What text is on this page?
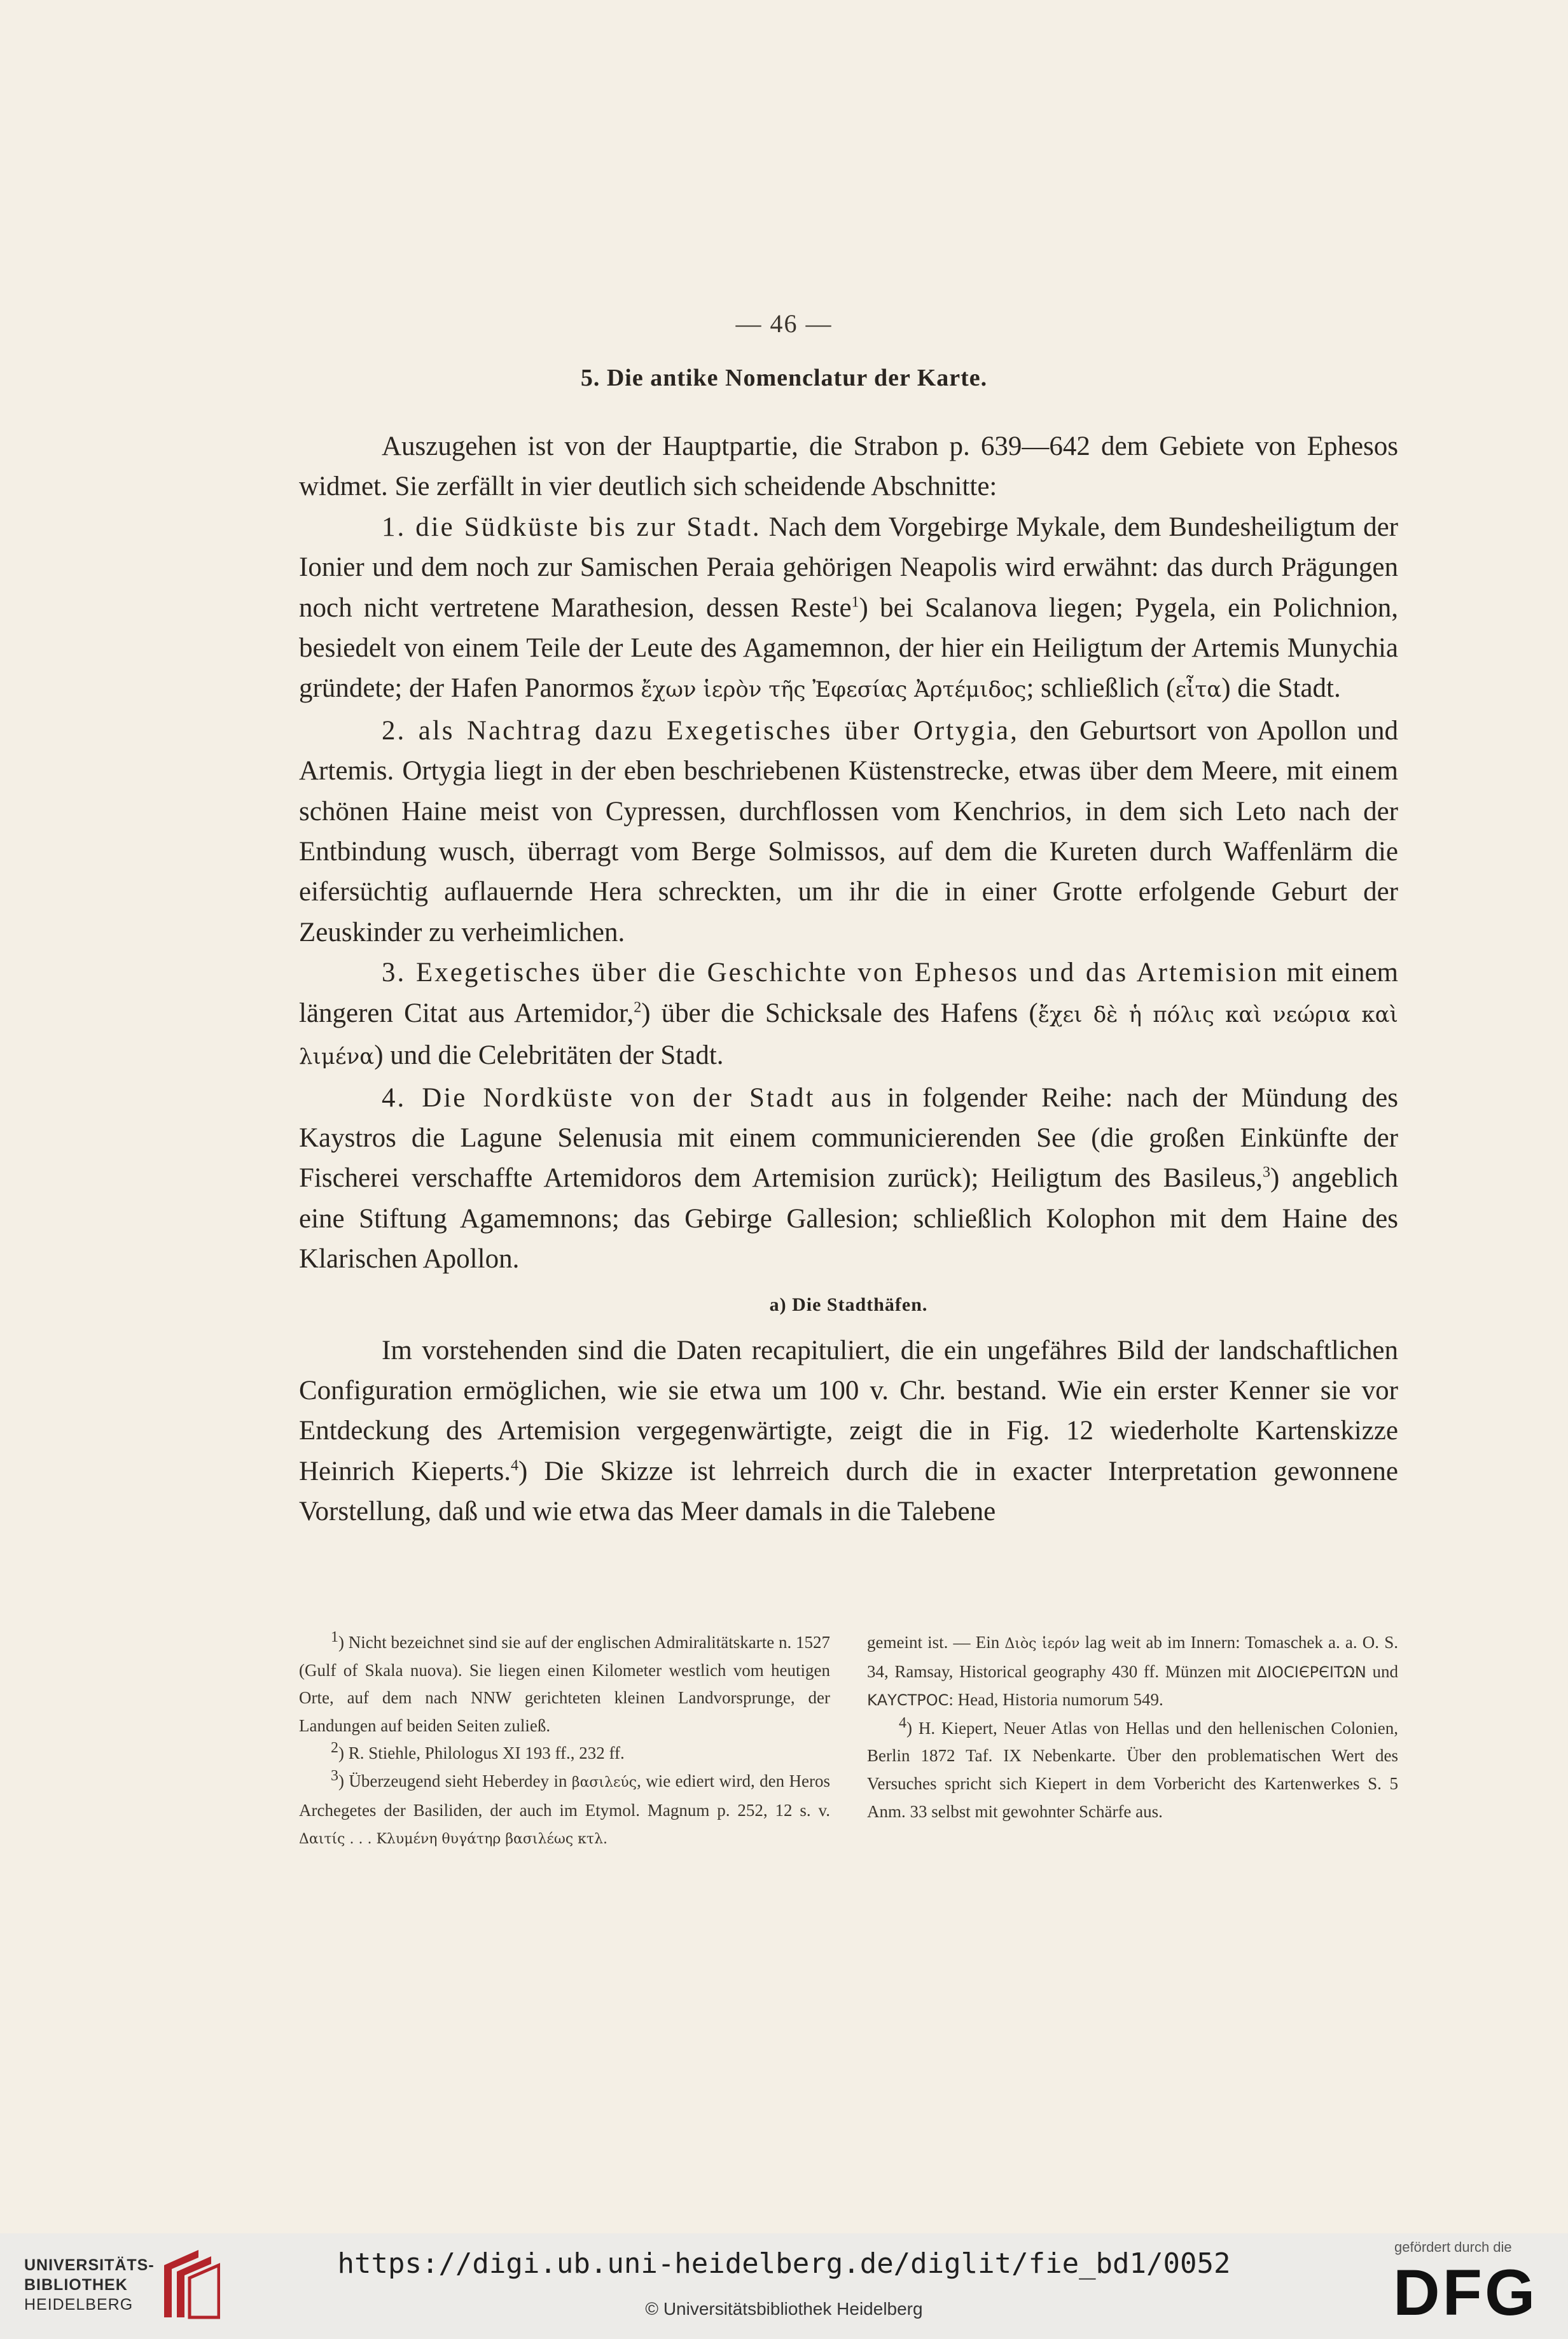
— 46 —
5. Die antike Nomenclatur der Karte.

Auszugehen ist von der Hauptpartie, die Strabon p. 639—642 dem Gebiete von Ephesos widmet. Sie zerfällt in vier deutlich sich scheidende Abschnitte:

1. die Südküste bis zur Stadt. Nach dem Vorgebirge Mykale, dem Bundesheiligtum der Ionier und dem noch zur Samischen Peraia gehörigen Neapolis wird erwähnt: das durch Prägungen noch nicht vertretene Marathesion, dessen Reste$^1$) bei Scalanova liegen; Pygela, ein Polichnion, besiedelt von einem Teile der Leute des Agamemnon, der hier ein Heiligtum der Artemis Munychia gründete; der Hafen Panormos ἔχων ἱερὸν τῆς Ἐφεσίας Ἀρτέμιδος; schließlich (εἶτα) die Stadt.

2. als Nachtrag dazu Exegetisches über Ortygia, den Geburtsort von Apollon und Artemis. Ortygia liegt in der eben beschriebenen Küstenstrecke, etwas über dem Meere, mit einem schönen Haine meist von Cypressen, durchflossen vom Kenchrios, in dem sich Leto nach der Entbindung wusch, überragt vom Berge Solmissos, auf dem die Kureten durch Waffenlärm die eifersüchtig auflauernde Hera schreckten, um ihr die in einer Grotte erfolgende Geburt der Zeuskinder zu verheimlichen.

3. Exegetisches über die Geschichte von Ephesos und das Artemision mit einem längeren Citat aus Artemidor,$^2$) über die Schicksale des Hafens (ἔχει δὲ ἡ πόλις καὶ νεώρια καὶ λιμένα) und die Celebritäten der Stadt.

4. Die Nordküste von der Stadt aus in folgender Reihe: nach der Mündung des Kaystros die Lagune Selenusia mit einem communicierenden See (die großen Einkünfte der Fischerei verschaffte Artemidoros dem Artemision zurück); Heiligtum des Basileus,$^3$) angeblich eine Stiftung Agamemnons; das Gebirge Gallesion; schließlich Kolophon mit dem Haine des Klarischen Apollon.

a) Die Stadthäfen.

Im vorstehenden sind die Daten recapituliert, die ein ungefähres Bild der landschaftlichen Configuration ermöglichen, wie sie etwa um 100 v. Chr. bestand. Wie ein erster Kenner sie vor Entdeckung des Artemision vergegenwärtigte, zeigt die in Fig. 12 wiederholte Kartenskizze Heinrich Kieperts.$^4$) Die Skizze ist lehrreich durch die in exacter Interpretation gewonnene Vorstellung, daß und wie etwa das Meer damals in die Talebene

$^1$) Nicht bezeichnet sind sie auf der englischen Admiralitätskarte n. 1527 (Gulf of Skala nuova). Sie liegen einen Kilometer westlich vom heutigen Orte, auf dem nach NNW gerichteten kleinen Landvorsprunge, der Landungen auf beiden Seiten zuließ.

$^2$) R. Stiehle, Philologus XI 193 ff., 232 ff.

$^3$) Überzeugend sieht Heberdey in βασιλεύς, wie ediert wird, den Heros Archegetes der Basiliden, der auch im Etymol. Magnum p. 252, 12 s. v. Δαιτίς . . . Κλυμένη θυγάτηρ βασιλέως κτλ.

gemeint ist. — Ein Διὸς ἱερόν lag weit ab im Innern: Tomaschek a. a. O. S. 34, Ramsay, Historical geography 430 ff. Münzen mit ΔΙΟCΙЄΡЄΙΤΩΝ und ΚΑΥCΤΡΟC: Head, Historia numorum 549.

$^4$) H. Kiepert, Neuer Atlas von Hellas und den hellenischen Colonien, Berlin 1872 Taf. IX Nebenkarte. Über den problematischen Wert des Versuches spricht sich Kiepert in dem Vorbericht des Kartenwerkes S. 5 Anm. 33 selbst mit gewohnter Schärfe aus.

UNIVERSITÄTS-
BIBLIOTHEK
HEIDELBERG
https://digi.ub.uni-heidelberg.de/diglit/fie_bd1/0052
© Universitätsbibliothek Heidelberg
gefördert durch die
DFG
